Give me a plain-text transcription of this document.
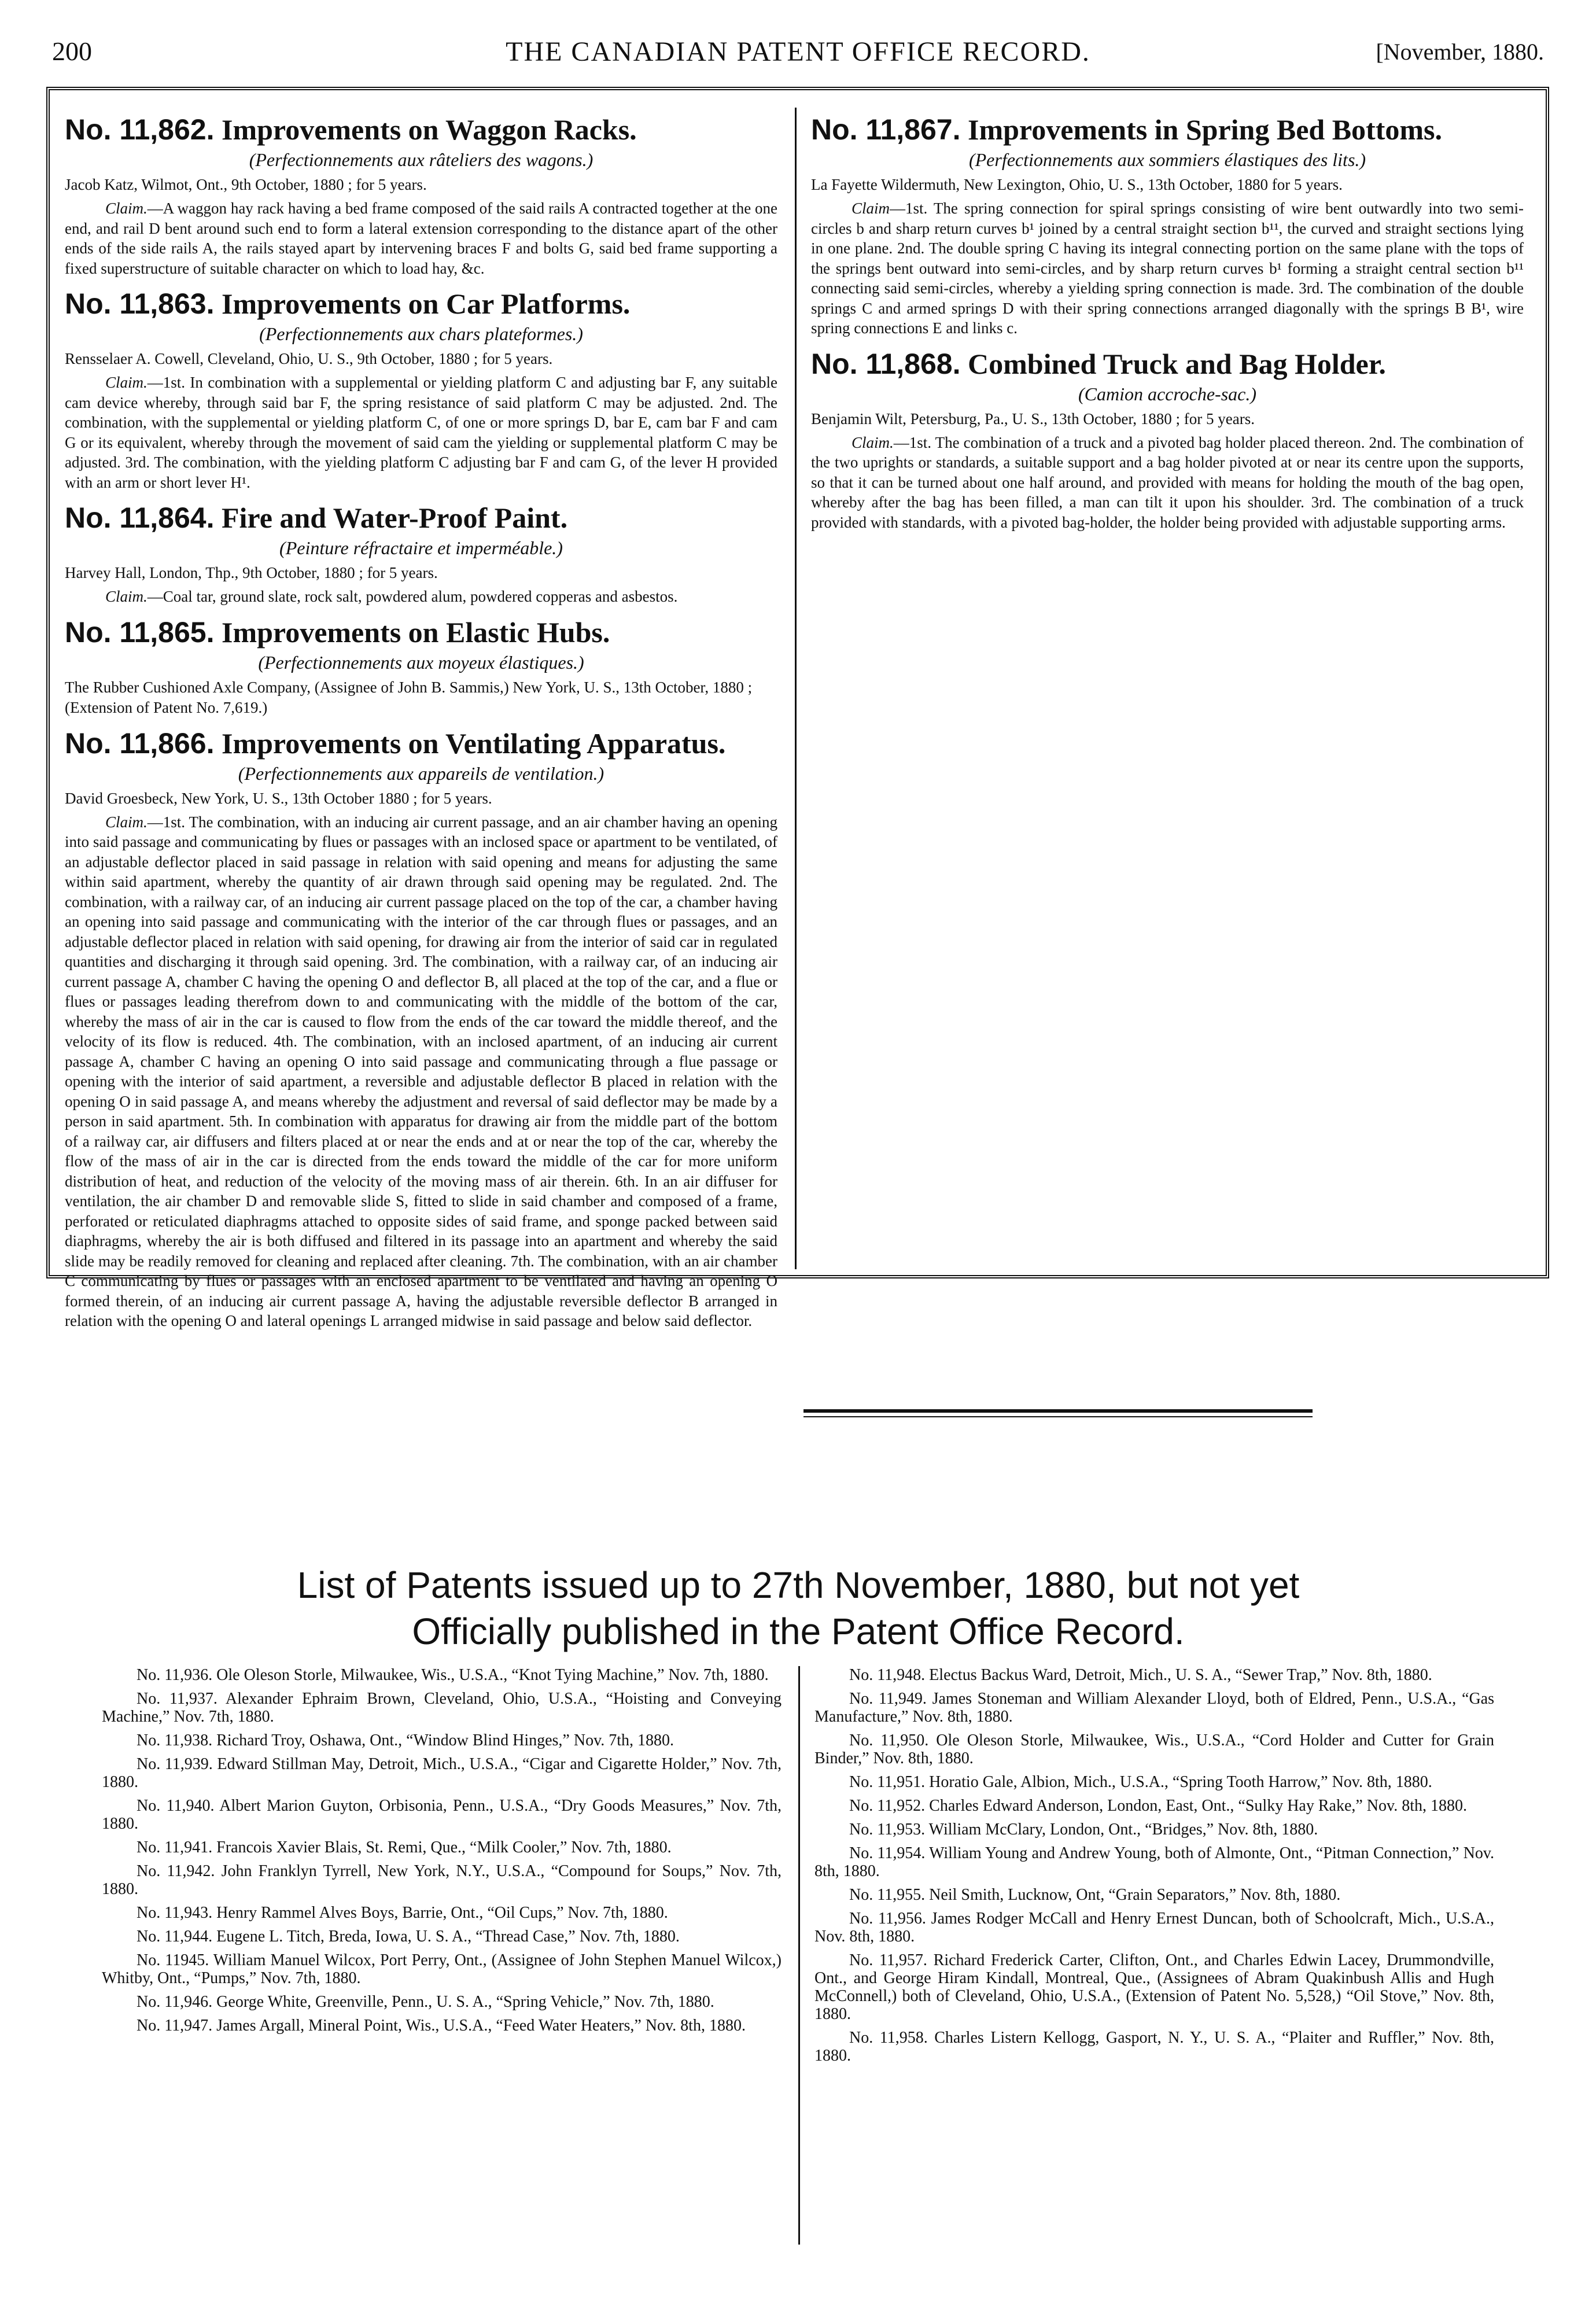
200	THE CANADIAN PATENT OFFICE RECORD.	[November, 1880.
No. 11,862. Improvements on Waggon Racks.
(Perfectionnements aux râteliers des wagons.)
Jacob Katz, Wilmot, Ont., 9th October, 1880 ; for 5 years.

Claim.—A waggon hay rack having a bed frame composed of the said rails A contracted together at the one end, and rail D bent around such end to form a lateral extension corresponding to the distance apart of the other ends of the side rails A, the rails stayed apart by intervening braces F and bolts G, said bed frame supporting a fixed superstructure of suitable character on which to load hay, &c.

No. 11,863. Improvements on Car Platforms.
(Perfectionnements aux chars plateformes.)
Rensselaer A. Cowell, Cleveland, Ohio, U. S., 9th October, 1880 ; for 5 years.

Claim.—1st. In combination with a supplemental or yielding platform C and adjusting bar F, any suitable cam device whereby, through said bar F, the spring resistance of said platform C may be adjusted. 2nd. The combination, with the supplemental or yielding platform C, of one or more springs D, bar E, cam bar F and cam G or its equivalent, whereby through the movement of said cam the yielding or supplemental platform C may be adjusted. 3rd. The combination, with the yielding platform C adjusting bar F and cam G, of the lever H provided with an arm or short lever H¹.

No. 11,864. Fire and Water-Proof Paint.
(Peinture réfractaire et imperméable.)
Harvey Hall, London, Thp., 9th October, 1880 ; for 5 years.

Claim.—Coal tar, ground slate, rock salt, powdered alum, powdered copperas and asbestos.

No. 11,865. Improvements on Elastic Hubs.
(Perfectionnements aux moyeux élastiques.)
The Rubber Cushioned Axle Company, (Assignee of John B. Sammis,) New York, U. S., 13th October, 1880 ; (Extension of Patent No. 7,619.)
No. 11,866. Improvements on Ventilating Apparatus.
(Perfectionnements aux appareils de ventilation.)
David Groesbeck, New York, U. S., 13th October 1880 ; for 5 years.

Claim.—1st. The combination, with an inducing air current passage, and an air chamber having an opening into said passage and communicating by flues or passages with an inclosed space or apartment to be ventilated, of an adjustable deflector placed in said passage in relation with said opening and means for adjusting the same within said apartment, whereby the quantity of air drawn through said opening may be regulated. 2nd. The combination, with a railway car, of an inducing air current passage placed on the top of the car, a chamber having an opening into said passage and communicating with the interior of the car through flues or passages, and an adjustable deflector placed in relation with said opening, for drawing air from the interior of said car in regulated quantities and discharging it through said opening. 3rd. The combination, with a railway car, of an inducing air current passage A, chamber C having the opening O and deflector B, all placed at the top of the car, and a flue or flues or passages leading therefrom down to and communicating with the middle of the bottom of the car, whereby the mass of air in the car is caused to flow from the ends of the car toward the middle thereof, and the velocity of its flow is reduced. 4th. The combination, with an inclosed apartment, of an inducing air current passage A, chamber C having an opening O into said passage and communicating through a flue passage or opening with the interior of said apartment, a reversible and adjustable deflector B placed in relation with the opening O in said passage A, and means whereby the adjustment and reversal of said deflector may be made by a person in said apartment. 5th. In combination with apparatus for drawing air from the middle part of the bottom of a railway car, air diffusers and filters placed at or near the ends and at or near the top of the car, whereby the flow of the mass of air in the car is directed from the ends toward the middle of the car for more uniform distribution of heat, and reduction of the velocity of the moving mass of air therein. 6th. In an air diffuser for ventilation, the air chamber D and removable slide S, fitted to slide in said chamber and composed of a frame, perforated or reticulated diaphragms attached to opposite sides of said frame, and sponge packed between said diaphragms, whereby the air is both diffused and filtered in its passage into an apartment and whereby the said slide may be readily removed for cleaning and replaced after cleaning. 7th. The combination, with an air chamber C communicating by flues or passages with an enclosed apartment to be ventilated and having an opening O formed therein, of an inducing air current passage A, having the adjustable reversible deflector B arranged in relation with the opening O and lateral openings L arranged midwise in said passage and below said deflector.

No. 11,867. Improvements in Spring Bed Bottoms.
(Perfectionnements aux sommiers élastiques des lits.)
La Fayette Wildermuth, New Lexington, Ohio, U. S., 13th October, 1880 for 5 years.

Claim—1st. The spring connection for spiral springs consisting of wire bent outwardly into two semi-circles b and sharp return curves b¹ joined by a central straight section b¹¹, the curved and straight sections lying in one plane. 2nd. The double spring C having its integral connecting portion on the same plane with the tops of the springs bent outward into semi-circles, and by sharp return curves b¹ forming a straight central section b¹¹ connecting said semi-circles, whereby a yielding spring connection is made. 3rd. The combination of the double springs C and armed springs D with their spring connections arranged diagonally with the springs B B¹, wire spring connections E and links c.

No. 11,868. Combined Truck and Bag Holder.
(Camion accroche-sac.)
Benjamin Wilt, Petersburg, Pa., U. S., 13th October, 1880 ; for 5 years.

Claim.—1st. The combination of a truck and a pivoted bag holder placed thereon. 2nd. The combination of the two uprights or standards, a suitable support and a bag holder pivoted at or near its centre upon the supports, so that it can be turned about one half around, and provided with means for holding the mouth of the bag open, whereby after the bag has been filled, a man can tilt it upon his shoulder. 3rd. The combination of a truck provided with standards, with a pivoted bag-holder, the holder being provided with adjustable supporting arms.

List of Patents issued up to 27th November, 1880, but not yet
Officially published in the Patent Office Record.

No. 11,936. Ole Oleson Storle, Milwaukee, Wis., U.S.A., “Knot Tying Machine,” Nov. 7th, 1880.

No. 11,937. Alexander Ephraim Brown, Cleveland, Ohio, U.S.A., “Hoisting and Conveying Machine,” Nov. 7th, 1880.

No. 11,938. Richard Troy, Oshawa, Ont., “Window Blind Hinges,” Nov. 7th, 1880.

No. 11,939. Edward Stillman May, Detroit, Mich., U.S.A., “Cigar and Cigarette Holder,” Nov. 7th, 1880.

No. 11,940. Albert Marion Guyton, Orbisonia, Penn., U.S.A., “Dry Goods Measures,” Nov. 7th, 1880.

No. 11,941. Francois Xavier Blais, St. Remi, Que., “Milk Cooler,” Nov. 7th, 1880.

No. 11,942. John Franklyn Tyrrell, New York, N.Y., U.S.A., “Compound for Soups,” Nov. 7th, 1880.

No. 11,943. Henry Rammel Alves Boys, Barrie, Ont., “Oil Cups,” Nov. 7th, 1880.

No. 11,944. Eugene L. Titch, Breda, Iowa, U. S. A., “Thread Case,” Nov. 7th, 1880.

No. 11945. William Manuel Wilcox, Port Perry, Ont., (Assignee of John Stephen Manuel Wilcox,) Whitby, Ont., “Pumps,” Nov. 7th, 1880.

No. 11,946. George White, Greenville, Penn., U. S. A., “Spring Vehicle,” Nov. 7th, 1880.

No. 11,947. James Argall, Mineral Point, Wis., U.S.A., “Feed Water Heaters,” Nov. 8th, 1880.

No. 11,948. Electus Backus Ward, Detroit, Mich., U. S. A., “Sewer Trap,” Nov. 8th, 1880.

No. 11,949. James Stoneman and William Alexander Lloyd, both of Eldred, Penn., U.S.A., “Gas Manufacture,” Nov. 8th, 1880.

No. 11,950. Ole Oleson Storle, Milwaukee, Wis., U.S.A., “Cord Holder and Cutter for Grain Binder,” Nov. 8th, 1880.

No. 11,951. Horatio Gale, Albion, Mich., U.S.A., “Spring Tooth Harrow,” Nov. 8th, 1880.

No. 11,952. Charles Edward Anderson, London, East, Ont., “Sulky Hay Rake,” Nov. 8th, 1880.

No. 11,953. William McClary, London, Ont., “Bridges,” Nov. 8th, 1880.

No. 11,954. William Young and Andrew Young, both of Almonte, Ont., “Pitman Connection,” Nov. 8th, 1880.

No. 11,955. Neil Smith, Lucknow, Ont, “Grain Separators,” Nov. 8th, 1880.

No. 11,956. James Rodger McCall and Henry Ernest Duncan, both of Schoolcraft, Mich., U.S.A., Nov. 8th, 1880.

No. 11,957. Richard Frederick Carter, Clifton, Ont., and Charles Edwin Lacey, Drummondville, Ont., and George Hiram Kindall, Montreal, Que., (Assignees of Abram Quakinbush Allis and Hugh McConnell,) both of Cleveland, Ohio, U.S.A., (Extension of Patent No. 5,528,) “Oil Stove,” Nov. 8th, 1880.

No. 11,958. Charles Listern Kellogg, Gasport, N. Y., U. S. A., “Plaiter and Ruffler,” Nov. 8th, 1880.
